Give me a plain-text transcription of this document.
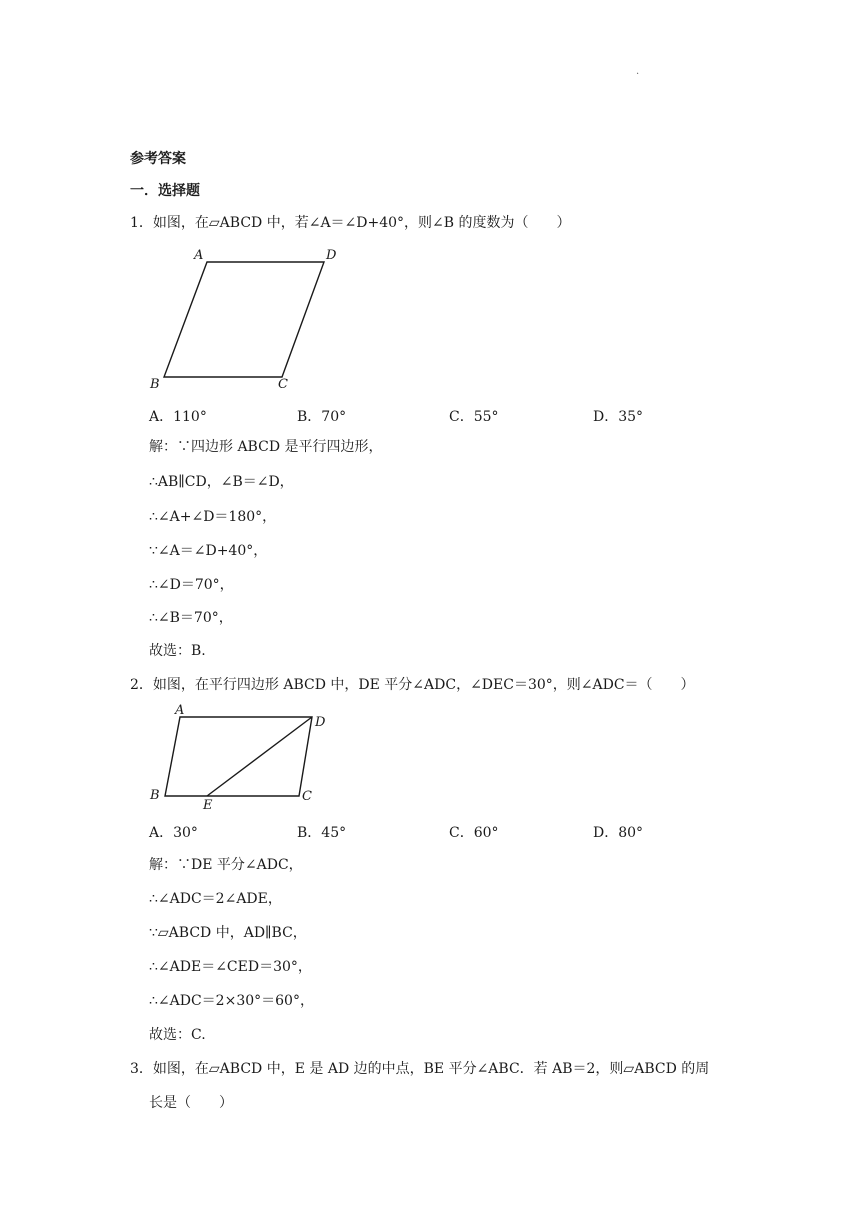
.
参考答案
一．选择题
1．如图，在▱ABCD 中，若∠A＝∠D+40°，则∠B 的度数为（　　）
A	D
B	C
A．110°	B．70°	C．55°	D．35°
解：∵四边形 ABCD 是平行四边形，
∴AB∥CD，∠B＝∠D，
∴∠A+∠D＝180°，
∵∠A＝∠D+40°，
∴∠D＝70°，
∴∠B＝70°，
故选：B.
2．如图，在平行四边形 ABCD 中，DE 平分∠ADC，∠DEC＝30°，则∠ADC＝（　　）
A
D
B
E
C
A．30°	B．45°	C．60°	D．80°
解：∵DE 平分∠ADC，
∴∠ADC＝2∠ADE，
∵▱ABCD 中，AD∥BC，
∴∠ADE＝∠CED＝30°，
∴∠ADC＝2×30°＝60°，
故选：C.
3．如图，在▱ABCD 中，E 是 AD 边的中点，BE 平分∠ABC．若 AB＝2，则▱ABCD 的周
长是（　　）
